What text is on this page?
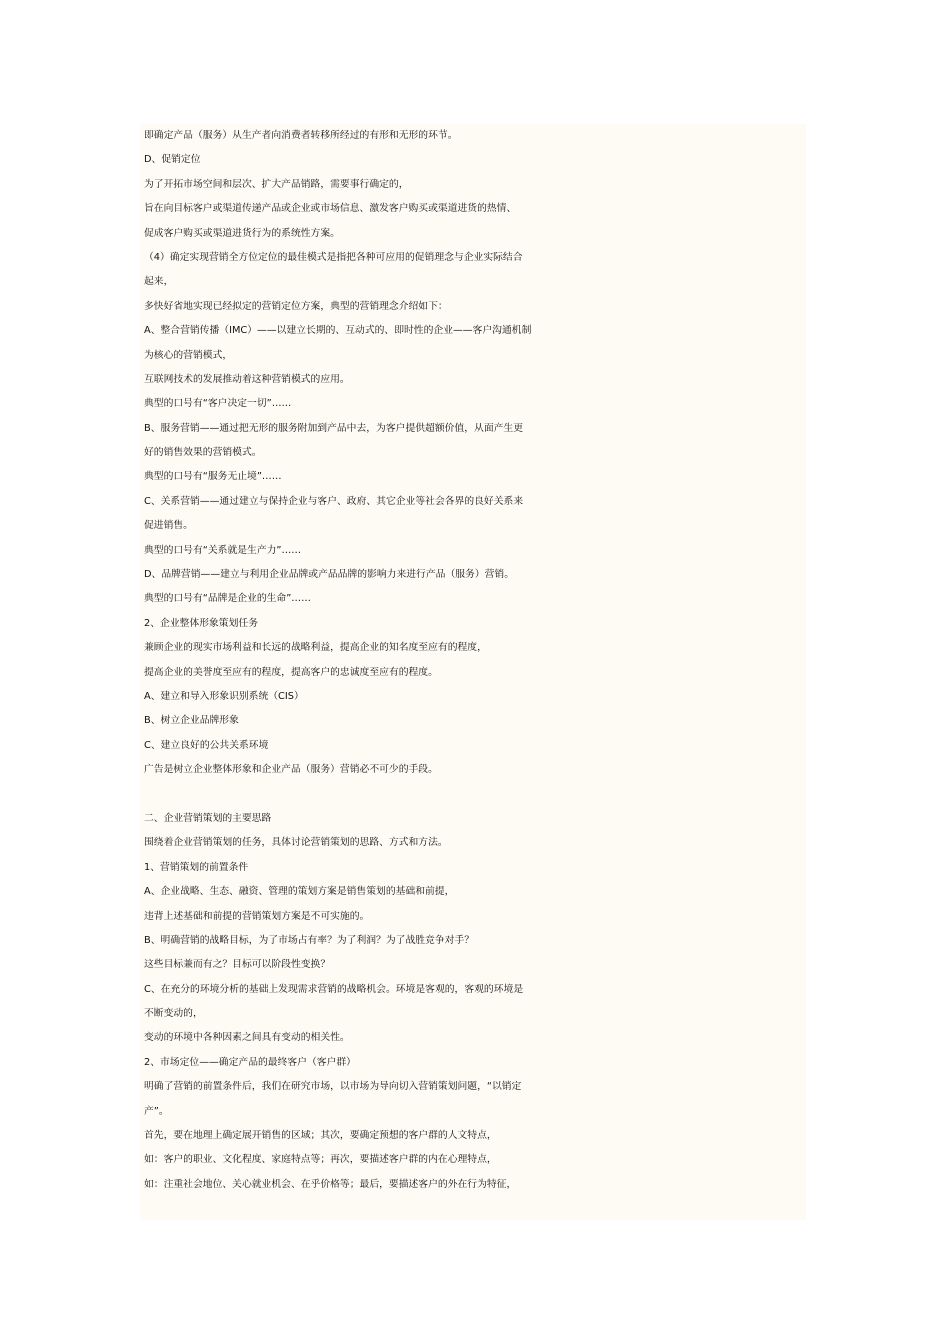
即确定产品（服务）从生产者向消费者转移所经过的有形和无形的环节。
D、促销定位
为了开拓市场空间和层次、扩大产品销路，需要事行确定的，
旨在向目标客户或渠道传递产品或企业或市场信息、激发客户购买或渠道进货的热情、
促成客户购买或渠道进货行为的系统性方案。
（4）确定实现营销全方位定位的最佳模式是指把各种可应用的促销理念与企业实际结合
起来，
多快好省地实现已经拟定的营销定位方案，典型的营销理念介绍如下：
A、整合营销传播（IMC）——以建立长期的、互动式的、即时性的企业——客户沟通机制
为核心的营销模式，
互联网技术的发展推动着这种营销模式的应用。
典型的口号有“客户决定一切”……
B、服务营销——通过把无形的服务附加到产品中去，为客户提供超额价值，从面产生更
好的销售效果的营销模式。
典型的口号有“服务无止境”……
C、关系营销——通过建立与保持企业与客户、政府、其它企业等社会各界的良好关系来
促进销售。
典型的口号有“关系就是生产力”……
D、品牌营销——建立与利用企业品牌或产品品牌的影响力来进行产品（服务）营销。
典型的口号有“品牌是企业的生命”……
2、企业整体形象策划任务
兼顾企业的现实市场利益和长远的战略利益，提高企业的知名度至应有的程度，
提高企业的美誉度至应有的程度，提高客户的忠诚度至应有的程度。
A、建立和导入形象识别系统（CIS）
B、树立企业品牌形象
C、建立良好的公共关系环境
广告是树立企业整体形象和企业产品（服务）营销必不可少的手段。
二、企业营销策划的主要思路
围绕着企业营销策划的任务，具体讨论营销策划的思路、方式和方法。
1、营销策划的前置条件
A、企业战略、生态、融资、管理的策划方案是销售策划的基础和前提，
违背上述基础和前提的营销策划方案是不可实施的。
B、明确营销的战略目标，为了市场占有率？为了利润？为了战胜竞争对手？
这些目标兼而有之？目标可以阶段性变换？
C、在充分的环境分析的基础上发现需求营销的战略机会。环境是客观的，客观的环境是
不断变动的，
变动的环境中各种因素之间具有变动的相关性。
2、市场定位——确定产品的最终客户（客户群）
明确了营销的前置条件后，我们在研究市场，以市场为导向切入营销策划问题，“以销定
产”。
首先，要在地理上确定展开销售的区域；其次，要确定预想的客户群的人文特点，
如：客户的职业、文化程度、家庭特点等；再次，要描述客户群的内在心理特点，
如：注重社会地位、关心就业机会、在乎价格等；最后，要描述客户的外在行为特征，
